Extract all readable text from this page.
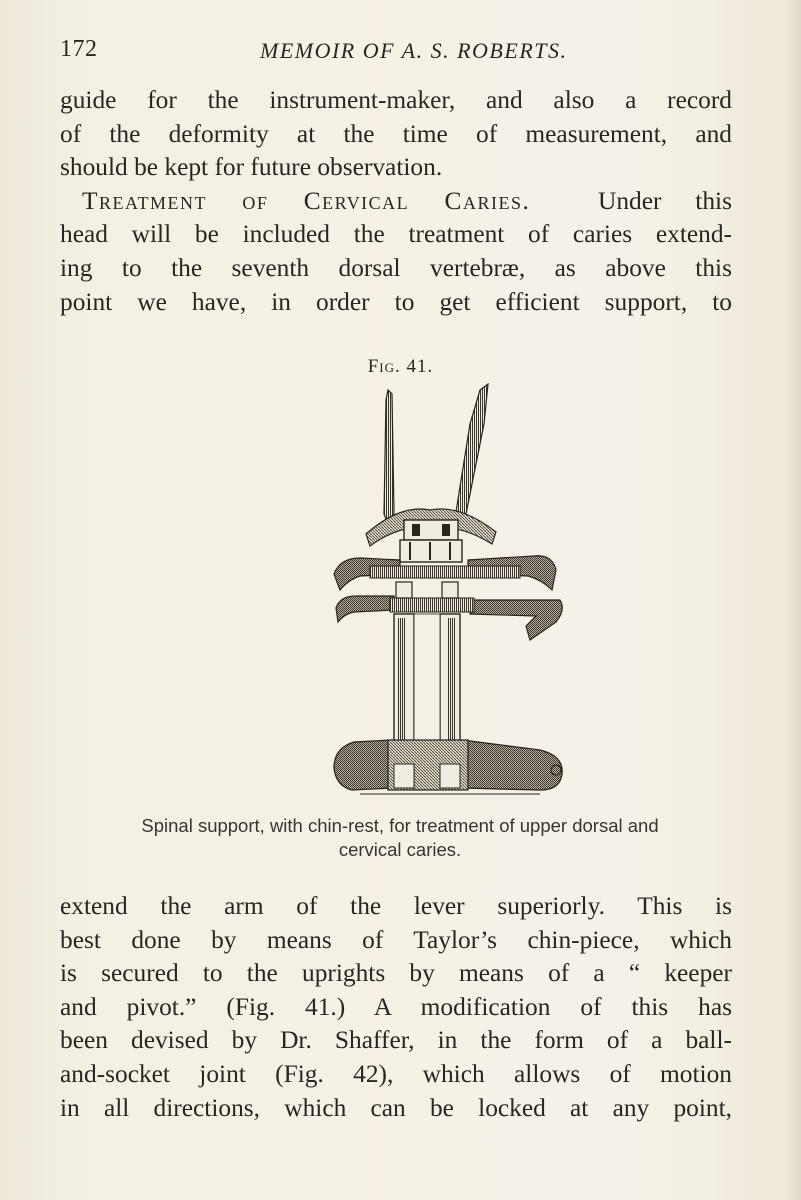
172	MEMOIR OF A. S. ROBERTS.
guide for the instrument-maker, and also a record
of the deformity at the time of measurement, and
should be kept for future observation.
Treatment of Cervical Caries.	Under this
head will be included the treatment of caries extend-
ing to the seventh dorsal vertebræ, as above this
point we have, in order to get efficient support, to
Fig. 41.
Spinal support, with chin-rest, for treatment of upper dorsal and
cervical caries.
extend the arm of the lever superiorly. This is
best done by means of Taylor’s chin-piece, which
is secured to the uprights by means of a “ keeper
and pivot.” (Fig. 41.) A modification of this has
been devised by Dr. Shaffer, in the form of a ball-
and-socket joint (Fig. 42), which allows of motion
in all directions, which can be locked at any point,
